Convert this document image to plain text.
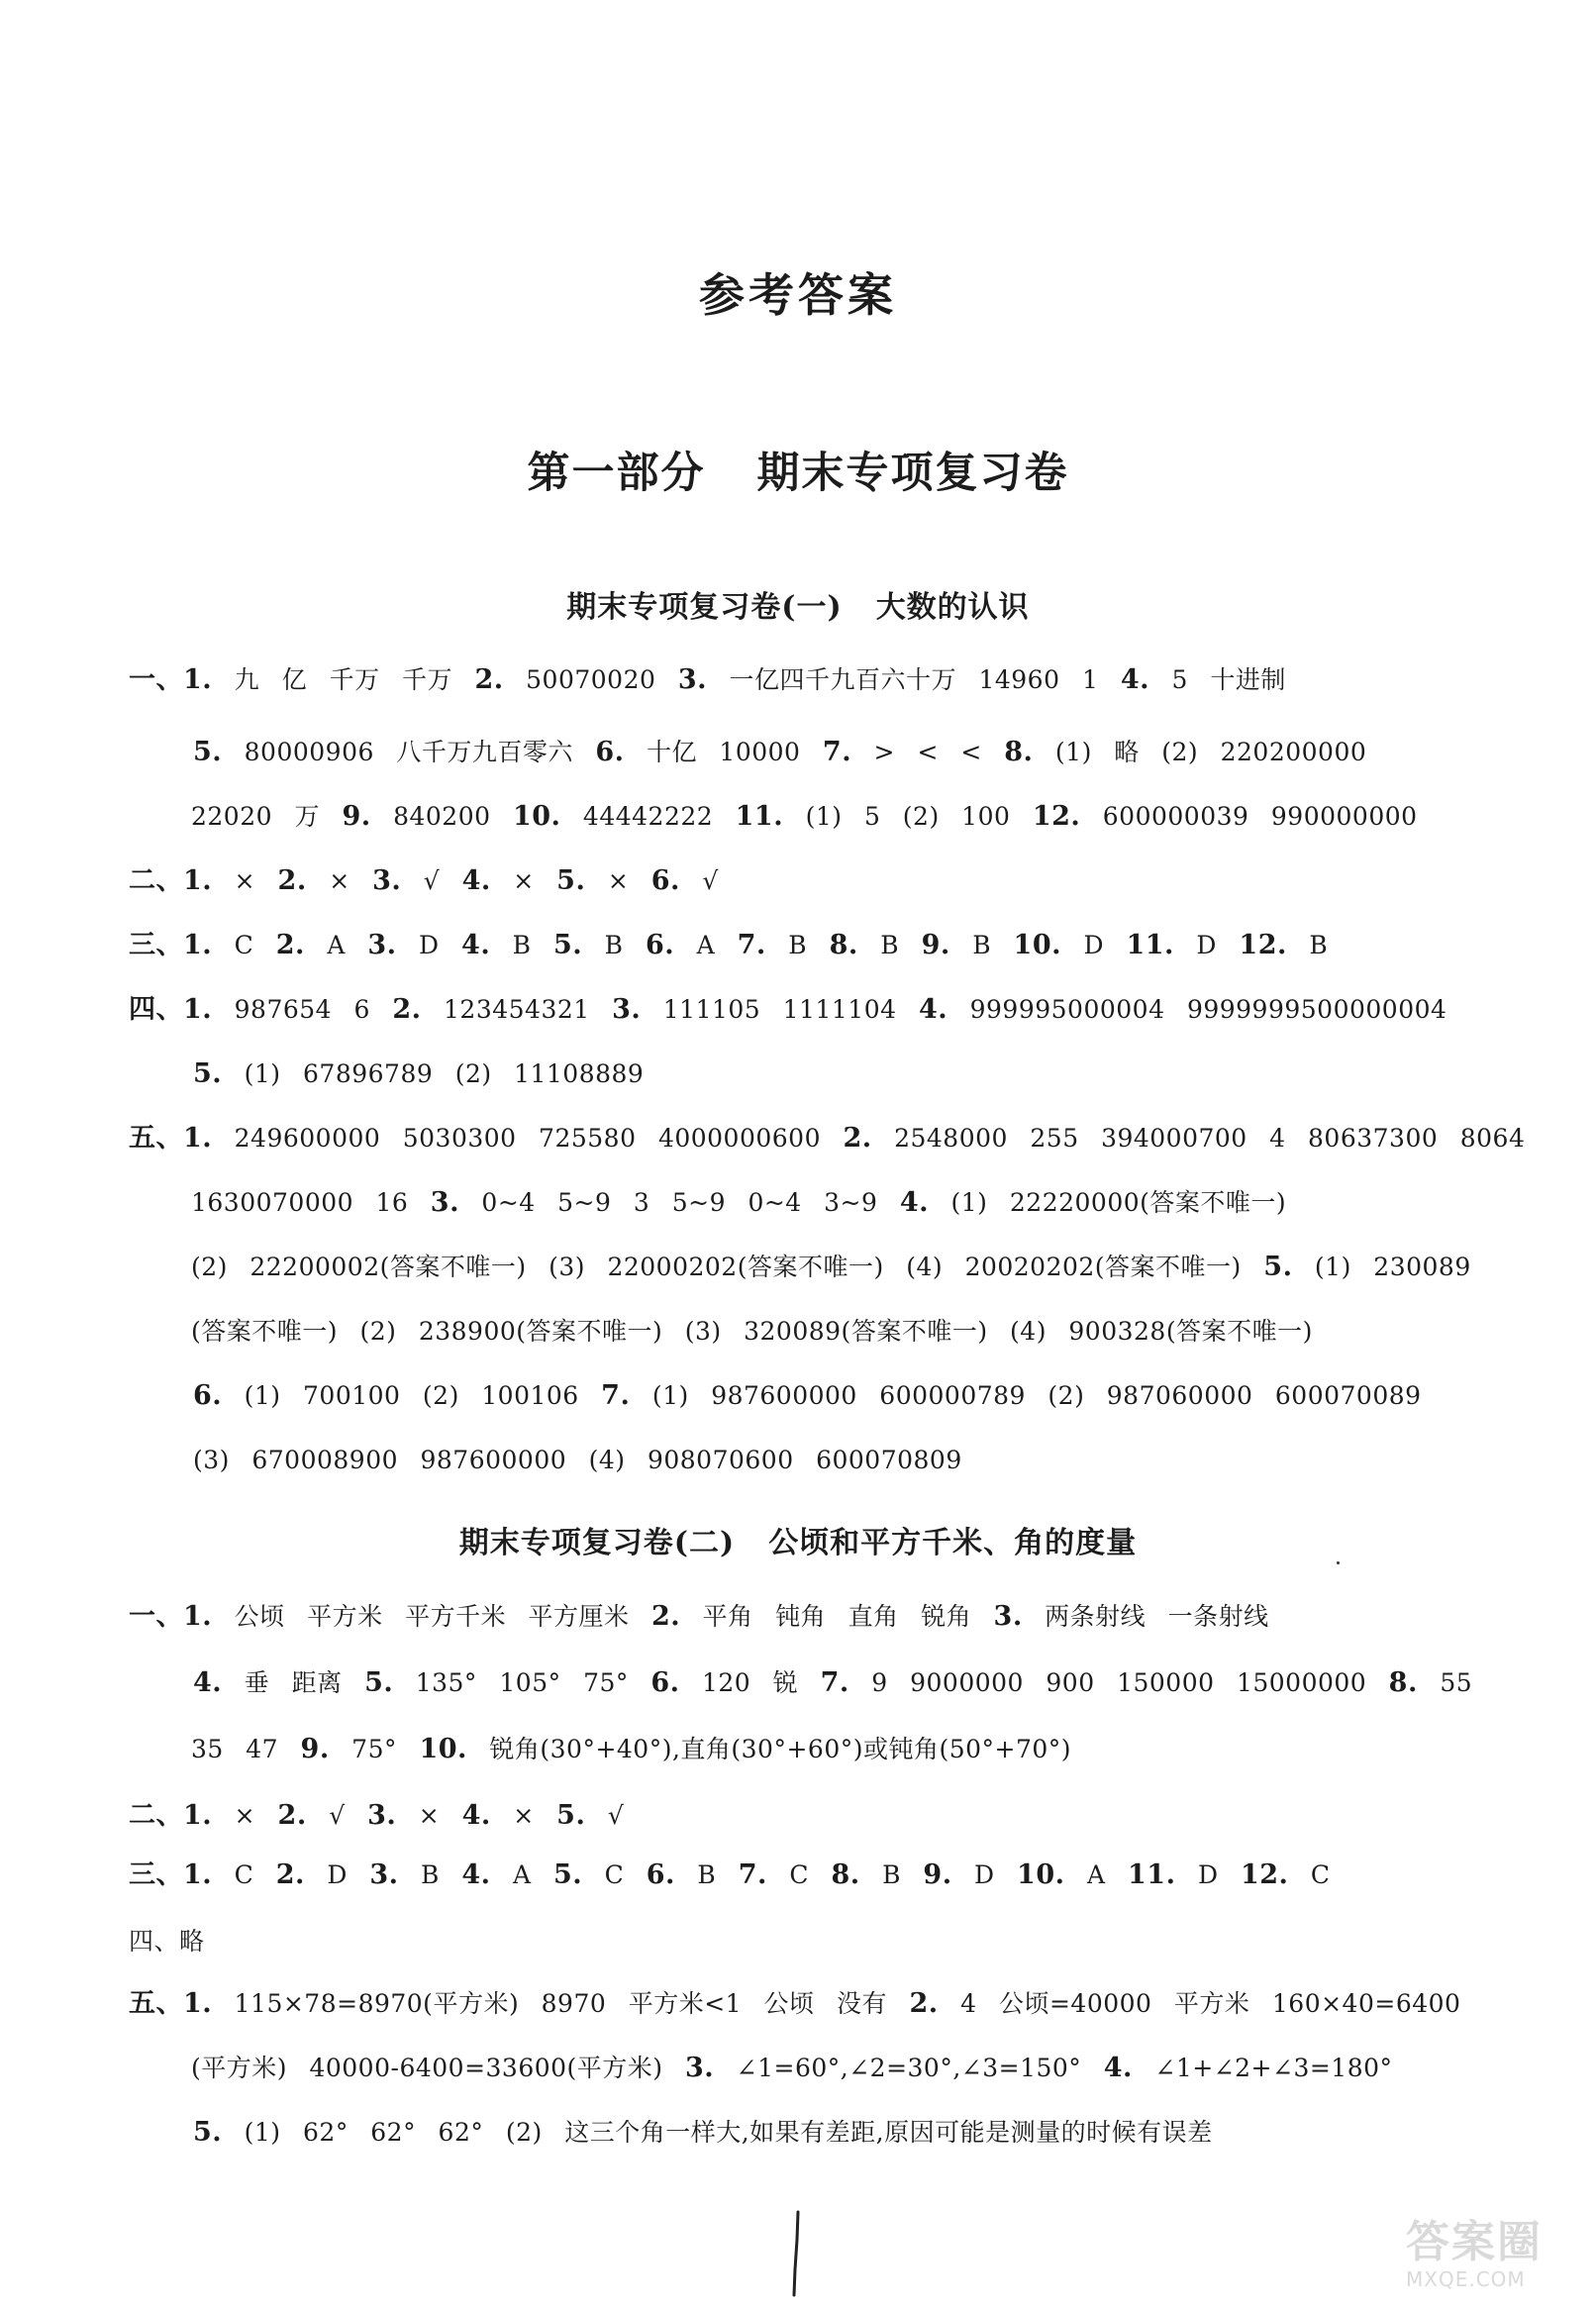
参考答案
第一部分 期末专项复习卷
期末专项复习卷(一) 大数的认识
一、1. 九 亿 千万 千万 2. 50070020 3. 一亿四千九百六十万 14960 1 4. 5 十进制
5. 80000906 八千万九百零六 6. 十亿 10000 7. > < < 8. (1) 略 (2) 220200000
22020 万 9. 840200 10. 44442222 11. (1) 5 (2) 100 12. 600000039 990000000
二、1. × 2. × 3. √ 4. × 5. × 6. √
三、1. C 2. A 3. D 4. B 5. B 6. A 7. B 8. B 9. B 10. D 11. D 12. B
四、1. 987654 6 2. 123454321 3. 111105 1111104 4. 999995000004 9999999500000004
5. (1) 67896789 (2) 11108889
五、1. 249600000 5030300 725580 4000000600 2. 2548000 255 394000700 4 80637300 8064
1630070000 16 3. 0~4 5~9 3 5~9 0~4 3~9 4. (1) 22220000(答案不唯一)
(2) 22200002(答案不唯一) (3) 22000202(答案不唯一) (4) 20020202(答案不唯一) 5. (1) 230089
(答案不唯一) (2) 238900(答案不唯一) (3) 320089(答案不唯一) (4) 900328(答案不唯一)
6. (1) 700100 (2) 100106 7. (1) 987600000 600000789 (2) 987060000 600070089
(3) 670008900 987600000 (4) 908070600 600070809
期末专项复习卷(二) 公顷和平方千米、角的度量
一、1. 公顷 平方米 平方千米 平方厘米 2. 平角 钝角 直角 锐角 3. 两条射线 一条射线
4. 垂 距离 5. 135° 105° 75° 6. 120 锐 7. 9 9000000 900 150000 15000000 8. 55
35 47 9. 75° 10. 锐角(30°+40°),直角(30°+60°)或钝角(50°+70°)
二、1. × 2. √ 3. × 4. × 5. √
三、1. C 2. D 3. B 4. A 5. C 6. B 7. C 8. B 9. D 10. A 11. D 12. C
四、略
五、1. 115×78=8970(平方米) 8970 平方米<1 公顷 没有 2. 4 公顷=40000 平方米 160×40=6400
(平方米) 40000-6400=33600(平方米) 3. ∠1=60°,∠2=30°,∠3=150° 4. ∠1+∠2+∠3=180°
5. (1) 62° 62° 62° (2) 这三个角一样大,如果有差距,原因可能是测量的时候有误差
答案圈
MXQE.COM
